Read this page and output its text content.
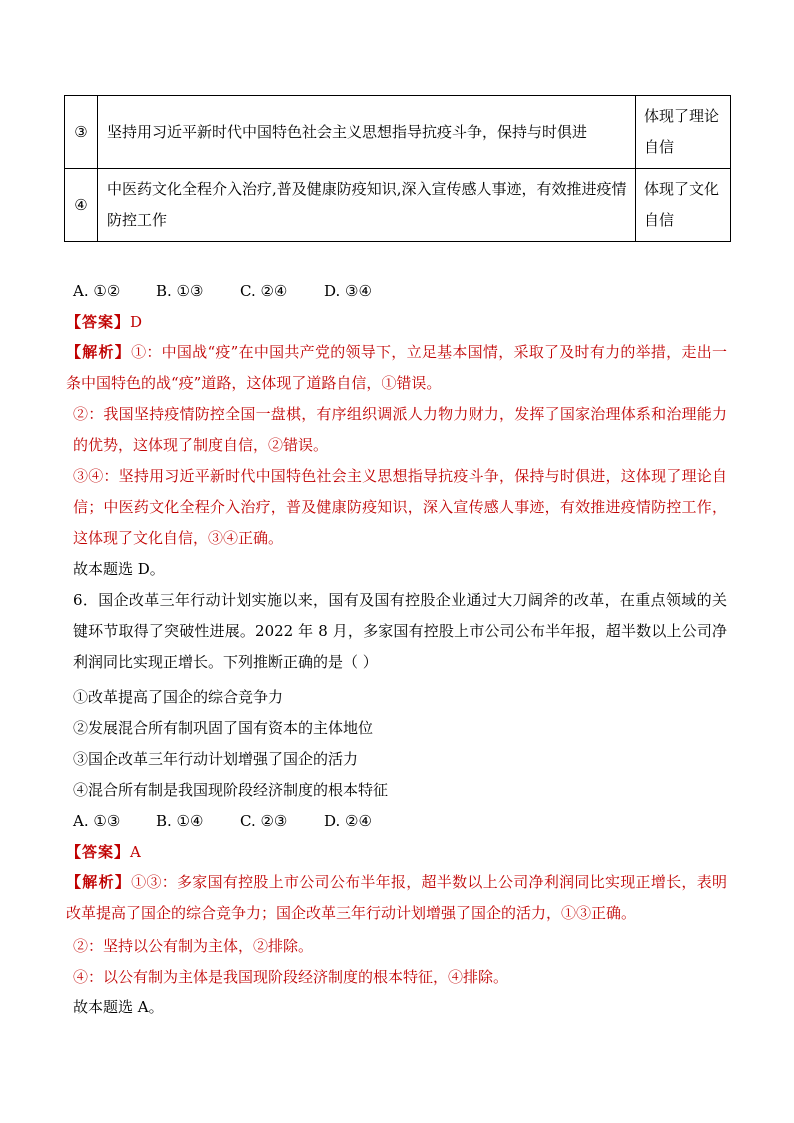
③	坚持用习近平新时代中国特色社会主义思想指导抗疫斗争，保持与时俱进	体现了理论自信
④	中医药文化全程介入治疗,普及健康防疫知识,深入宣传感人事迹，有效推进疫情防控工作	体现了文化自信
A. ①② B. ①③ C. ②④ D. ③④
【答案】D
【解析】①：中国战“疫”在中国共产党的领导下，立足基本国情，采取了及时有力的举措，走出一条中国特色的战“疫”道路，这体现了道路自信，①错误。
②：我国坚持疫情防控全国一盘棋，有序组织调派人力物力财力，发挥了国家治理体系和治理能力的优势，这体现了制度自信，②错误。
③④：坚持用习近平新时代中国特色社会主义思想指导抗疫斗争，保持与时俱进，这体现了理论自信；中医药文化全程介入治疗，普及健康防疫知识，深入宣传感人事迹，有效推进疫情防控工作，这体现了文化自信，③④正确。
故本题选 D。
6．国企改革三年行动计划实施以来，国有及国有控股企业通过大刀阔斧的改革，在重点领域的关键环节取得了突破性进展。2022 年 8 月，多家国有控股上市公司公布半年报，超半数以上公司净利润同比实现正增长。下列推断正确的是（ ）
①改革提高了国企的综合竞争力
②发展混合所有制巩固了国有资本的主体地位
③国企改革三年行动计划增强了国企的活力
④混合所有制是我国现阶段经济制度的根本特征
A. ①③ B. ①④ C. ②③ D. ②④
【答案】A
【解析】①③：多家国有控股上市公司公布半年报，超半数以上公司净利润同比实现正增长，表明改革提高了国企的综合竞争力；国企改革三年行动计划增强了国企的活力，①③正确。
②：坚持以公有制为主体，②排除。
④：以公有制为主体是我国现阶段经济制度的根本特征，④排除。
故本题选 A。
